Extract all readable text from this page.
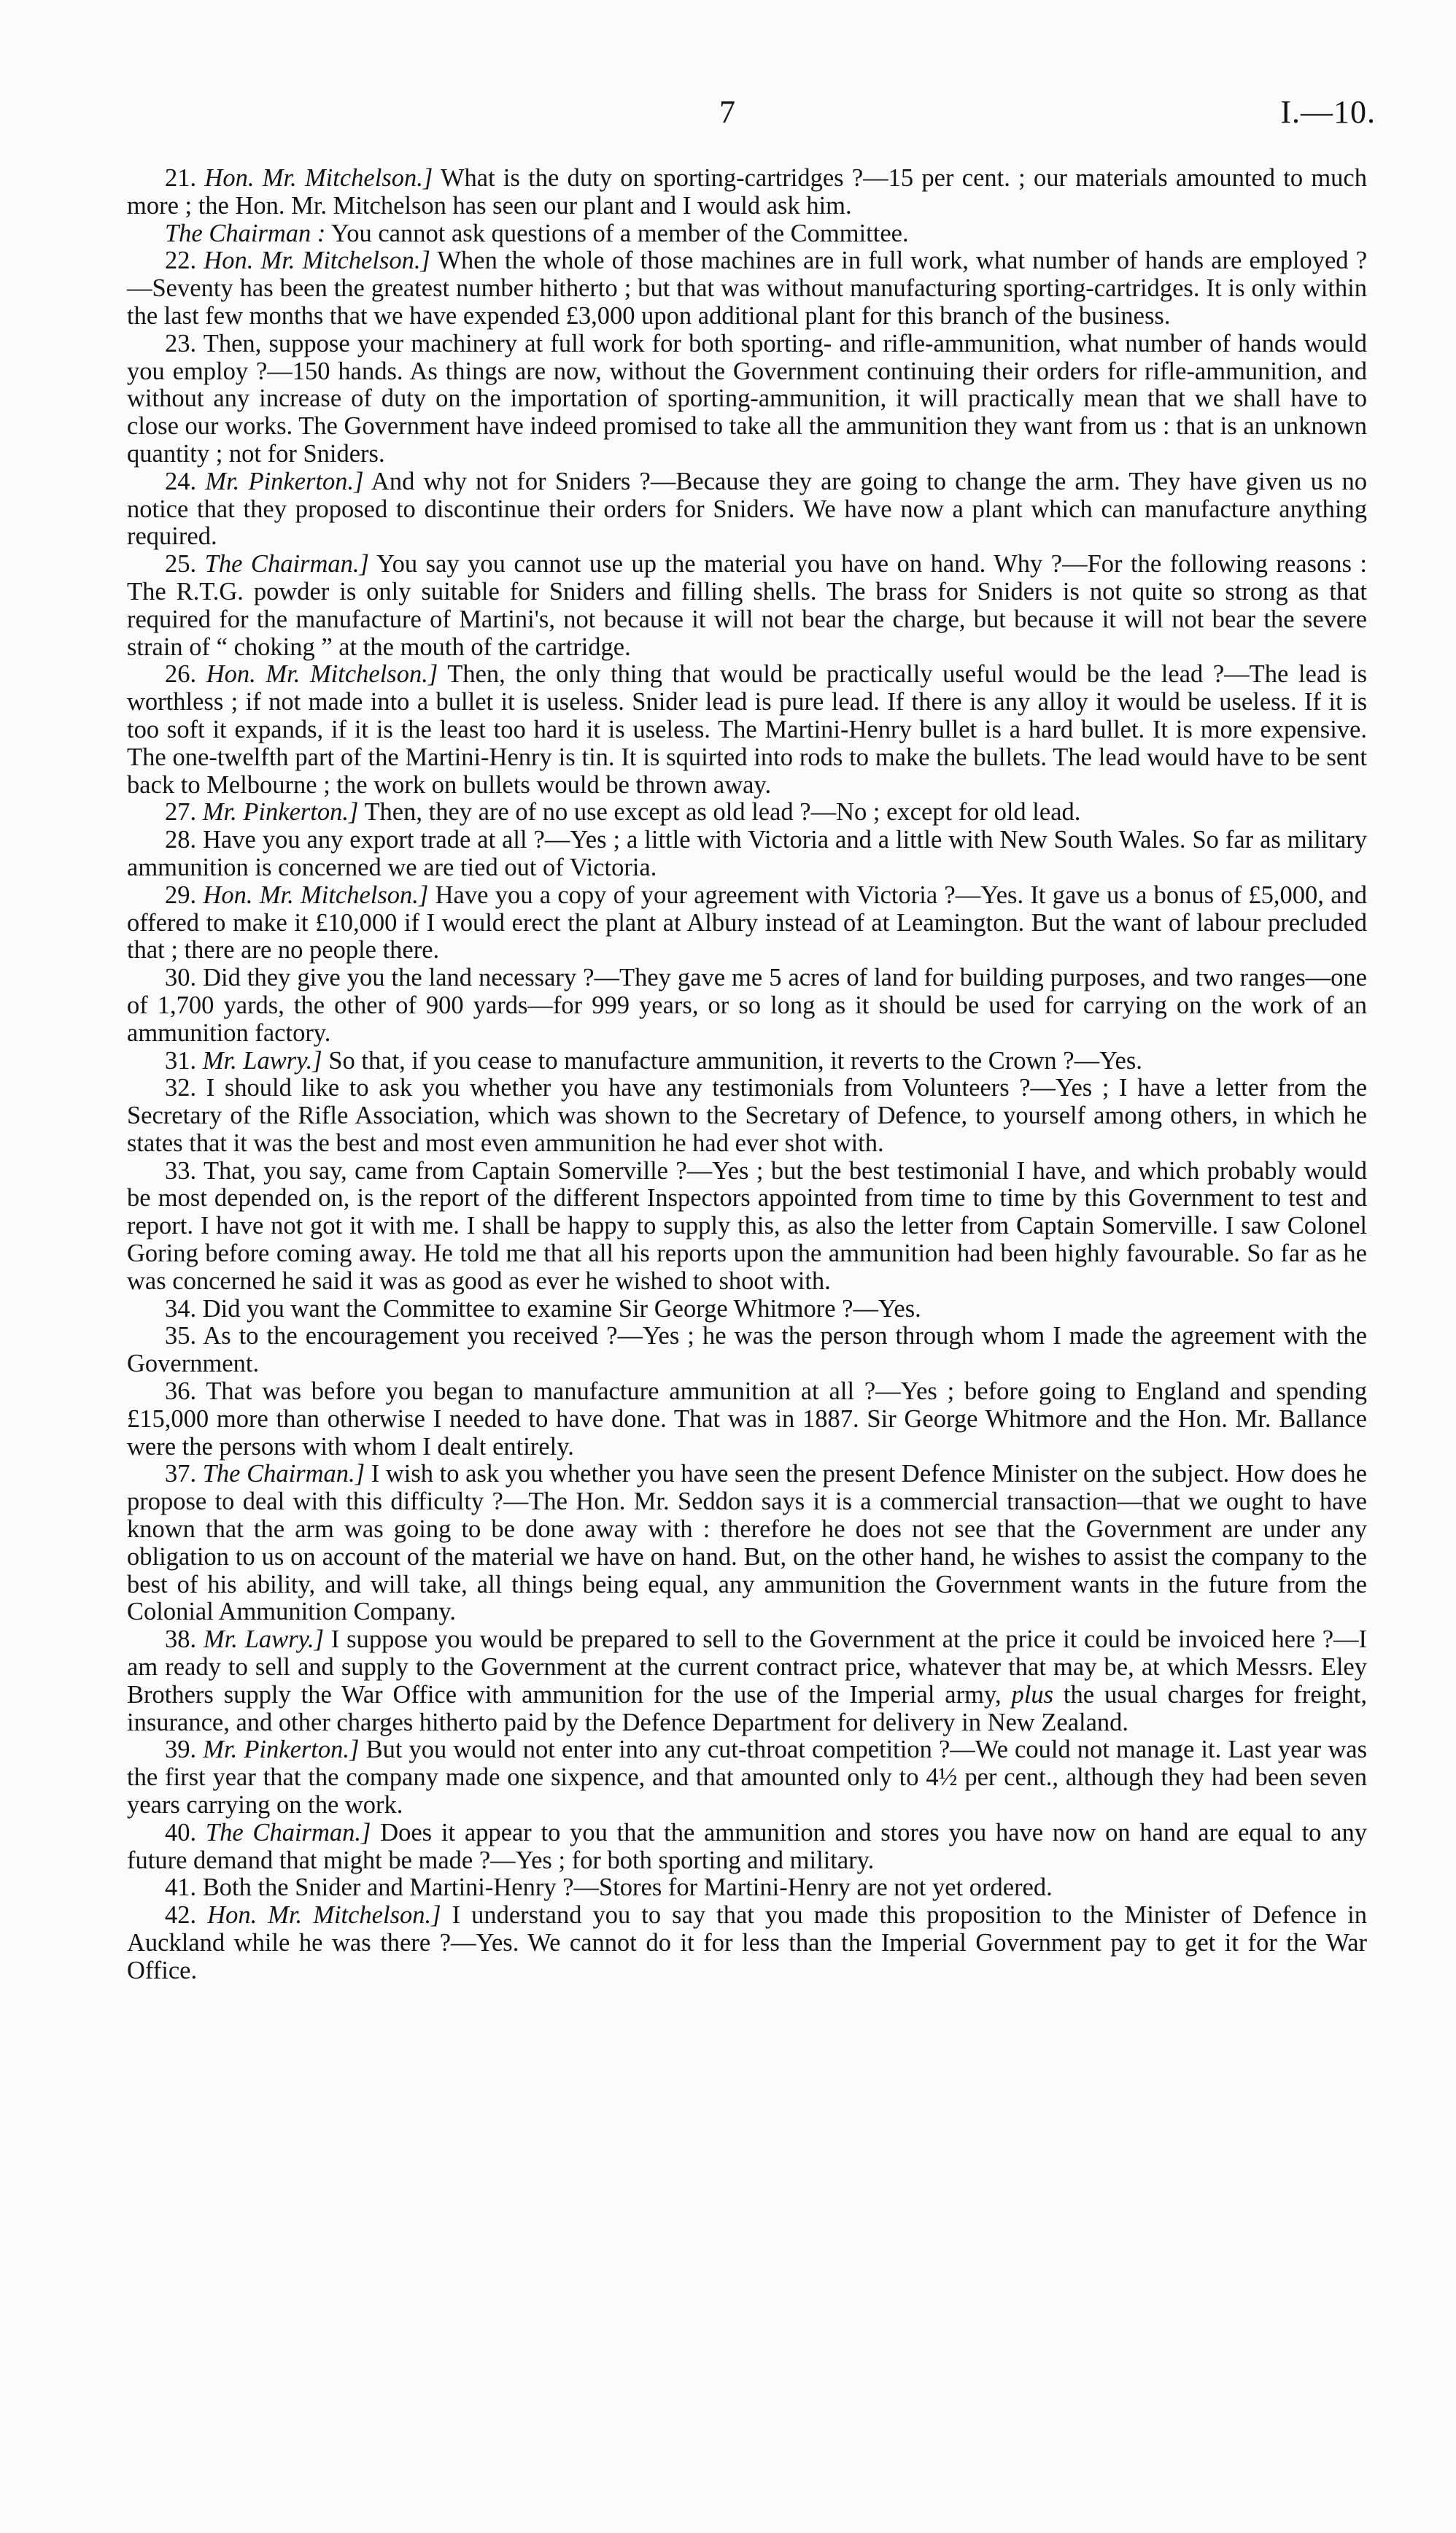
7	I.—10.

21. Hon. Mr. Mitchelson.] What is the duty on sporting-cartridges ?—15 per cent. ; our materials amounted to much more ; the Hon. Mr. Mitchelson has seen our plant and I would ask him.

The Chairman : You cannot ask questions of a member of the Committee.

22. Hon. Mr. Mitchelson.] When the whole of those machines are in full work, what number of hands are employed ?—Seventy has been the greatest number hitherto ; but that was without manufacturing sporting-cartridges. It is only within the last few months that we have expended £3,000 upon additional plant for this branch of the business.

23. Then, suppose your machinery at full work for both sporting- and rifle-ammunition, what number of hands would you employ ?—150 hands. As things are now, without the Government continuing their orders for rifle-ammunition, and without any increase of duty on the importation of sporting-ammunition, it will practically mean that we shall have to close our works. The Government have indeed promised to take all the ammunition they want from us : that is an unknown quantity ; not for Sniders.

24. Mr. Pinkerton.] And why not for Sniders ?—Because they are going to change the arm. They have given us no notice that they proposed to discontinue their orders for Sniders. We have now a plant which can manufacture anything required.

25. The Chairman.] You say you cannot use up the material you have on hand. Why ?—For the following reasons : The R.T.G. powder is only suitable for Sniders and filling shells. The brass for Sniders is not quite so strong as that required for the manufacture of Martini's, not because it will not bear the charge, but because it will not bear the severe strain of “ choking ” at the mouth of the cartridge.

26. Hon. Mr. Mitchelson.] Then, the only thing that would be practically useful would be the lead ?—The lead is worthless ; if not made into a bullet it is useless. Snider lead is pure lead. If there is any alloy it would be useless. If it is too soft it expands, if it is the least too hard it is useless. The Martini-Henry bullet is a hard bullet. It is more expensive. The one-twelfth part of the Martini-Henry is tin. It is squirted into rods to make the bullets. The lead would have to be sent back to Melbourne ; the work on bullets would be thrown away.

27. Mr. Pinkerton.] Then, they are of no use except as old lead ?—No ; except for old lead.

28. Have you any export trade at all ?—Yes ; a little with Victoria and a little with New South Wales. So far as military ammunition is concerned we are tied out of Victoria.

29. Hon. Mr. Mitchelson.] Have you a copy of your agreement with Victoria ?—Yes. It gave us a bonus of £5,000, and offered to make it £10,000 if I would erect the plant at Albury instead of at Leamington. But the want of labour precluded that ; there are no people there.

30. Did they give you the land necessary ?—They gave me 5 acres of land for building purposes, and two ranges—one of 1,700 yards, the other of 900 yards—for 999 years, or so long as it should be used for carrying on the work of an ammunition factory.

31. Mr. Lawry.] So that, if you cease to manufacture ammunition, it reverts to the Crown ?—Yes.

32. I should like to ask you whether you have any testimonials from Volunteers ?—Yes ; I have a letter from the Secretary of the Rifle Association, which was shown to the Secretary of Defence, to yourself among others, in which he states that it was the best and most even ammunition he had ever shot with.

33. That, you say, came from Captain Somerville ?—Yes ; but the best testimonial I have, and which probably would be most depended on, is the report of the different Inspectors appointed from time to time by this Government to test and report. I have not got it with me. I shall be happy to supply this, as also the letter from Captain Somerville. I saw Colonel Goring before coming away. He told me that all his reports upon the ammunition had been highly favourable. So far as he was concerned he said it was as good as ever he wished to shoot with.

34. Did you want the Committee to examine Sir George Whitmore ?—Yes.

35. As to the encouragement you received ?—Yes ; he was the person through whom I made the agreement with the Government.

36. That was before you began to manufacture ammunition at all ?—Yes ; before going to England and spending £15,000 more than otherwise I needed to have done. That was in 1887. Sir George Whitmore and the Hon. Mr. Ballance were the persons with whom I dealt entirely.

37. The Chairman.] I wish to ask you whether you have seen the present Defence Minister on the subject. How does he propose to deal with this difficulty ?—The Hon. Mr. Seddon says it is a commercial transaction—that we ought to have known that the arm was going to be done away with : therefore he does not see that the Government are under any obligation to us on account of the material we have on hand. But, on the other hand, he wishes to assist the company to the best of his ability, and will take, all things being equal, any ammunition the Government wants in the future from the Colonial Ammunition Company.

38. Mr. Lawry.] I suppose you would be prepared to sell to the Government at the price it could be invoiced here ?—I am ready to sell and supply to the Government at the current contract price, whatever that may be, at which Messrs. Eley Brothers supply the War Office with ammunition for the use of the Imperial army, plus the usual charges for freight, insurance, and other charges hitherto paid by the Defence Department for delivery in New Zealand.

39. Mr. Pinkerton.] But you would not enter into any cut-throat competition ?—We could not manage it. Last year was the first year that the company made one sixpence, and that amounted only to 4½ per cent., although they had been seven years carrying on the work.

40. The Chairman.] Does it appear to you that the ammunition and stores you have now on hand are equal to any future demand that might be made ?—Yes ; for both sporting and military.

41. Both the Snider and Martini-Henry ?—Stores for Martini-Henry are not yet ordered.

42. Hon. Mr. Mitchelson.] I understand you to say that you made this proposition to the Minister of Defence in Auckland while he was there ?—Yes. We cannot do it for less than the Imperial Government pay to get it for the War Office.
